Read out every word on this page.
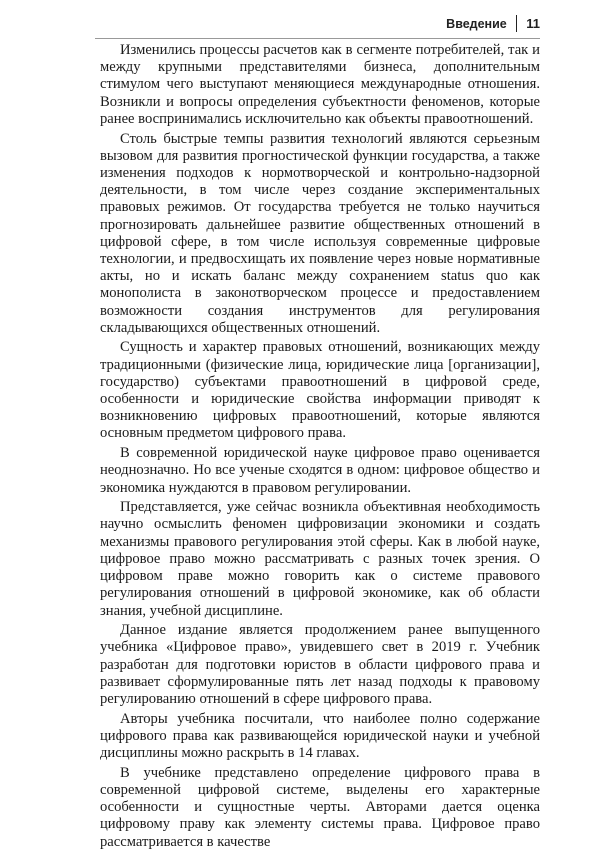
Введение 11

Изменились процессы расчетов как в сегменте потребителей, так и между крупными представителями бизнеса, дополнительным стимулом чего выступают меняющиеся международные отношения. Возникли и вопросы определения субъектности феноменов, которые ранее воспринимались исключительно как объекты правоотношений.

Столь быстрые темпы развития технологий являются серьезным вызовом для развития прогностической функции государства, а также изменения подходов к нормотворческой и контрольно-надзорной деятельности, в том числе через создание экспериментальных правовых режимов. От государства требуется не только научиться прогнозировать дальнейшее развитие общественных отношений в цифровой сфере, в том числе используя современные цифровые технологии, и предвосхищать их появление через новые нормативные акты, но и искать баланс между сохранением status quo как монополиста в законотворческом процессе и предоставлением возможности создания инструментов для регулирования складывающихся общественных отношений.

Сущность и характер правовых отношений, возникающих между традиционными (физические лица, юридические лица [организации], государство) субъектами правоотношений в цифровой среде, особенности и юридические свойства информации приводят к возникновению цифровых правоотношений, которые являются основным предметом цифрового права.

В современной юридической науке цифровое право оценивается неоднозначно. Но все ученые сходятся в одном: цифровое общество и экономика нуждаются в правовом регулировании.

Представляется, уже сейчас возникла объективная необходимость научно осмыслить феномен цифровизации экономики и создать механизмы правового регулирования этой сферы. Как в любой науке, цифровое право можно рассматривать с разных точек зрения. О цифровом праве можно говорить как о системе правового регулирования отношений в цифровой экономике, как об области знания, учебной дисциплине.

Данное издание является продолжением ранее выпущенного учебника «Цифровое право», увидевшего свет в 2019 г. Учебник разработан для подготовки юристов в области цифрового права и развивает сформулированные пять лет назад подходы к правовому регулированию отношений в сфере цифрового права.

Авторы учебника посчитали, что наиболее полно содержание цифрового права как развивающейся юридической науки и учебной дисциплины можно раскрыть в 14 главах.

В учебнике представлено определение цифрового права в современной цифровой системе, выделены его характерные особенности и сущностные черты. Авторами дается оценка цифровому праву как элементу системы права. Цифровое право рассматривается в качестве
